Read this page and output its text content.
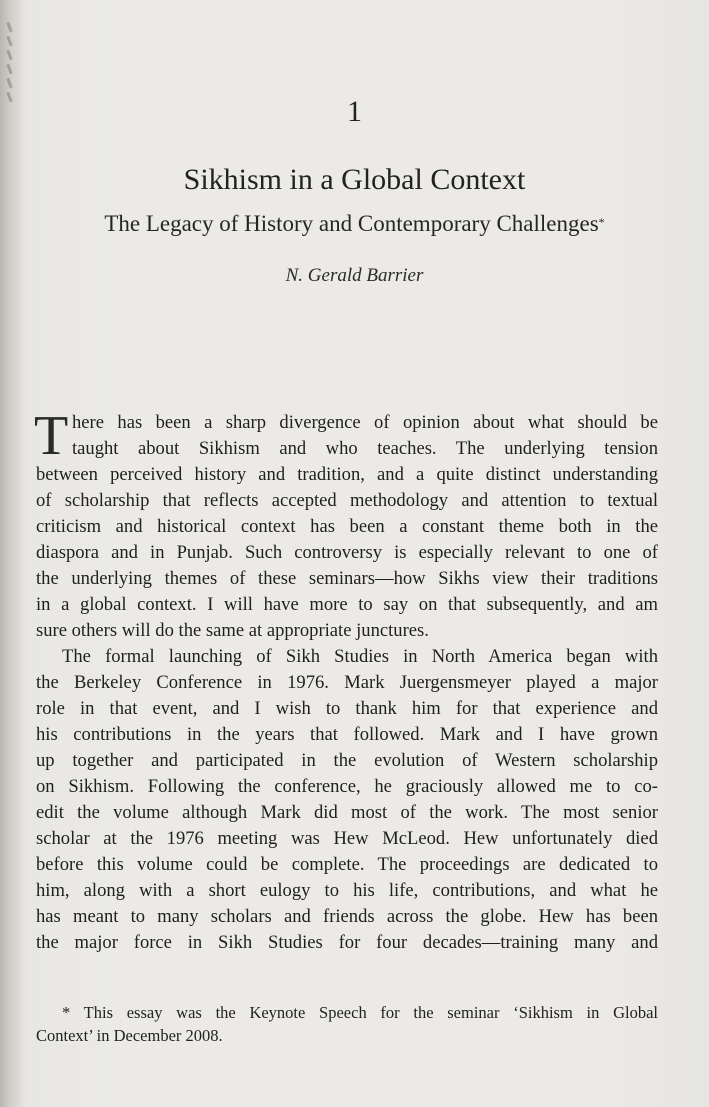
1
Sikhism in a Global Context
The Legacy of History and Contemporary Challenges*
N. Gerald Barrier
T here has been a sharp divergence of opinion about what should be
taught about Sikhism and who teaches. The underlying tension
between perceived history and tradition, and a quite distinct understanding
of scholarship that reflects accepted methodology and attention to textual
criticism and historical context has been a constant theme both in the
diaspora and in Punjab. Such controversy is especially relevant to one of
the underlying themes of these seminars—how Sikhs view their traditions
in a global context. I will have more to say on that subsequently, and am
sure others will do the same at appropriate junctures.
The formal launching of Sikh Studies in North America began with
the Berkeley Conference in 1976. Mark Juergensmeyer played a major
role in that event, and I wish to thank him for that experience and
his contributions in the years that followed. Mark and I have grown
up together and participated in the evolution of Western scholarship
on Sikhism. Following the conference, he graciously allowed me to co-
edit the volume although Mark did most of the work. The most senior
scholar at the 1976 meeting was Hew McLeod. Hew unfortunately died
before this volume could be complete. The proceedings are dedicated to
him, along with a short eulogy to his life, contributions, and what he
has meant to many scholars and friends across the globe. Hew has been
the major force in Sikh Studies for four decades—training many and
* This essay was the Keynote Speech for the seminar ‘Sikhism in Global
Context’ in December 2008.
